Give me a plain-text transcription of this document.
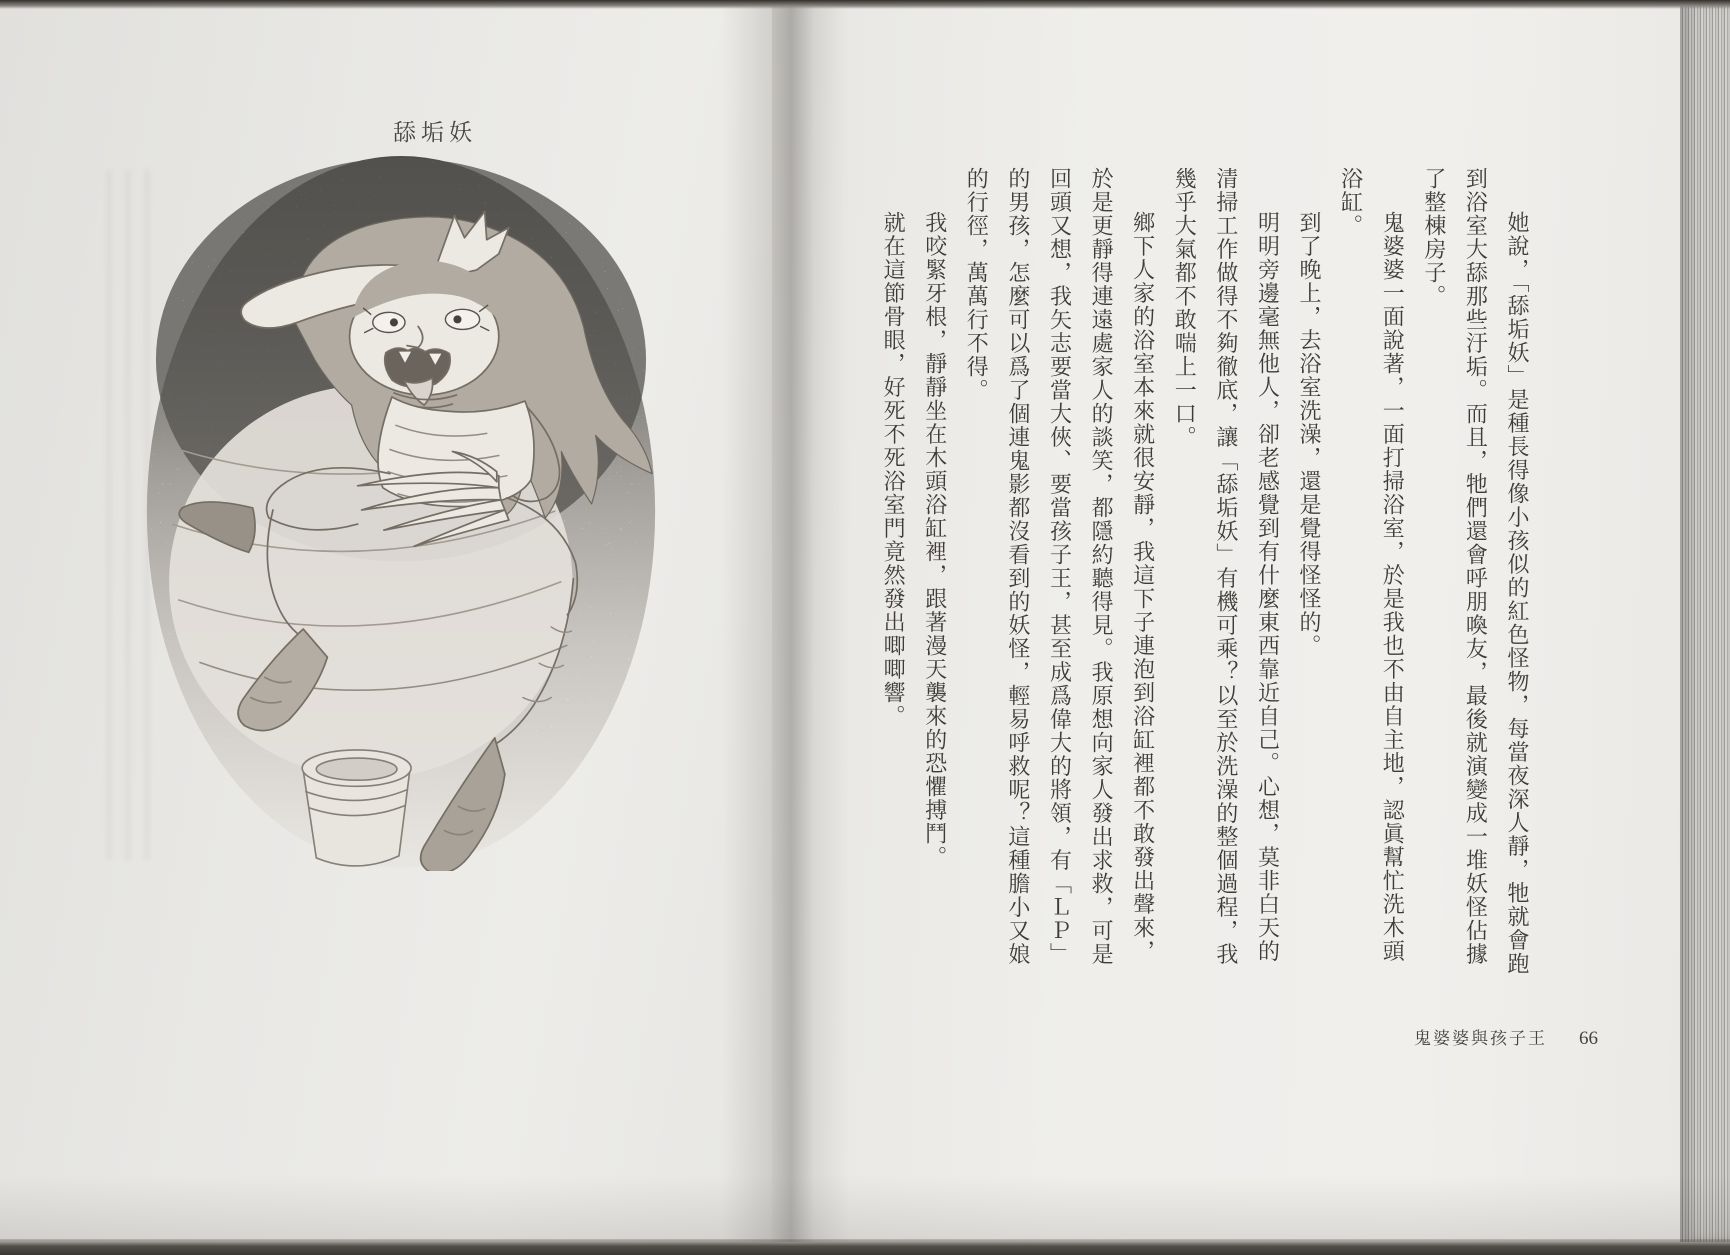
舔垢妖

她說，「舔垢妖」是種長得像小孩似的紅色怪物，每當夜深人靜，牠就會跑到浴室大舔那些汙垢。而且，牠們還會呼朋喚友，最後就演變成一堆妖怪佔據了整棟房子。

鬼婆婆一面說著，一面打掃浴室，於是我也不由自主地，認眞幫忙洗木頭浴缸。

到了晚上，去浴室洗澡，還是覺得怪怪的。

明明旁邊毫無他人，卻老感覺到有什麼東西靠近自己。心想，莫非白天的清掃工作做得不夠徹底，讓「舔垢妖」有機可乘？以至於洗澡的整個過程，我幾乎大氣都不敢喘上一口。

鄉下人家的浴室本來就很安靜，我這下子連泡到浴缸裡都不敢發出聲來，於是更靜得連遠處家人的談笑，都隱約聽得見。我原想向家人發出求救，可是回頭又想，我矢志要當大俠、要當孩子王，甚至成爲偉大的將領，有「ＬＰ」的男孩，怎麼可以爲了個連鬼影都沒看到的妖怪，輕易呼救呢？這種膽小又娘的行徑，萬萬行不得。

我咬緊牙根，靜靜坐在木頭浴缸裡，跟著漫天襲來的恐懼搏鬥。

就在這節骨眼，好死不死浴室門竟然發出唧唧響。

鬼婆婆與孩子王 66
